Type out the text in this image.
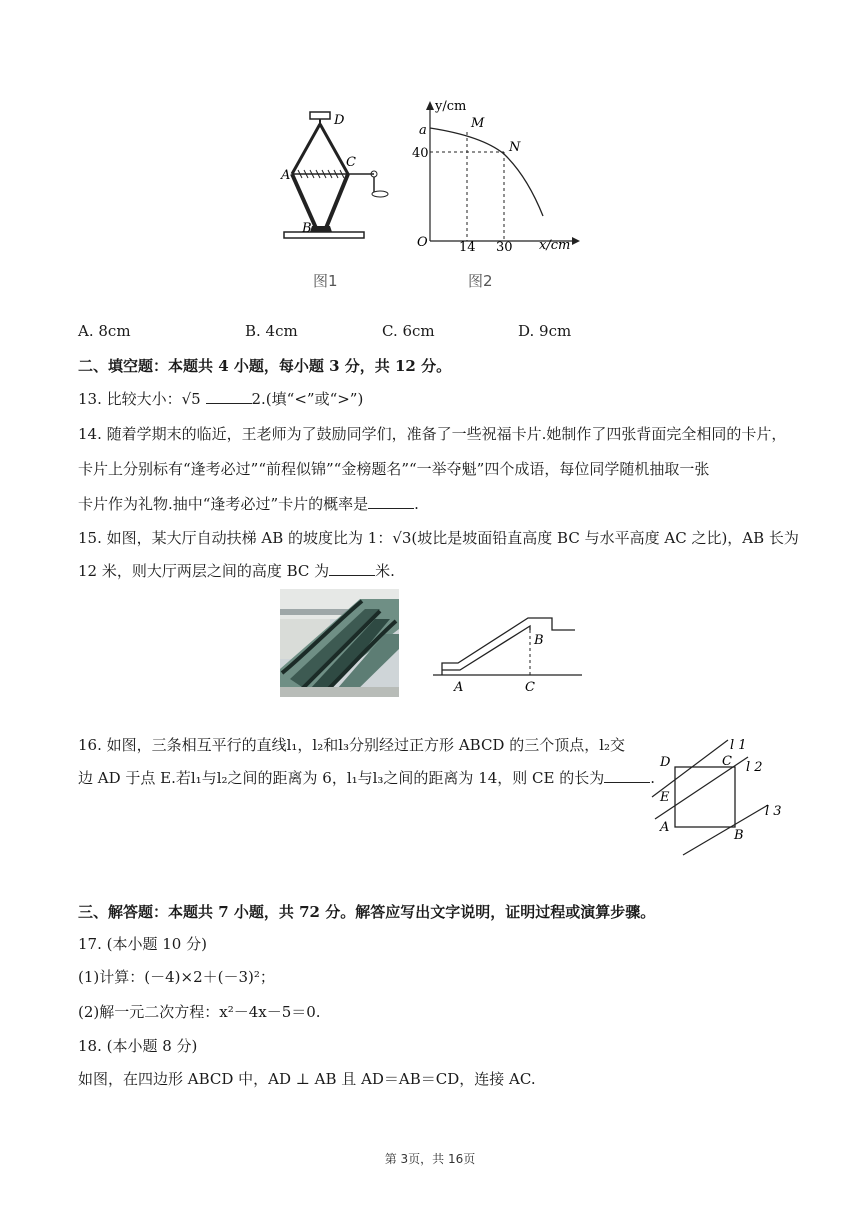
D
A
C
B
图1
y/cm
x/cm
a
40
M
N
O 14 30
图2
A. 8cm	B. 4cm	C. 6cm	D. 9cm
二、填空题：本题共 4 小题，每小题 3 分，共 12 分。
13. 比较大小：√5	2.(填“<”或“>”)
14. 随着学期末的临近，王老师为了鼓励同学们，准备了一些祝福卡片.她制作了四张背面完全相同的卡片，
卡片上分别标有“逢考必过”“前程似锦”“金榜题名”“一举夺魁”四个成语，每位同学随机抽取一张
卡片作为礼物.抽中“逢考必过”卡片的概率是	.
15. 如图，某大厅自动扶梯 AB 的坡度比为 1：√3(坡比是坡面铅直高度 BC 与水平高度 AC 之比)，AB 长为
12 米，则大厅两层之间的高度 BC 为	米.
B
A	C
16. 如图，三条相互平行的直线l₁，l₂和l₃分别经过正方形 ABCD 的三个顶点，l₂交
边 AD 于点 E.若l₁与l₂之间的距离为 6，l₁与l₃之间的距离为 14，则 CE 的长为	.
D	C
E
A
B
l 1
l 2
l 3
三、解答题：本题共 7 小题，共 72 分。解答应写出文字说明，证明过程或演算步骤。
17. (本小题 10 分)
(1)计算：(－4)×2＋(－3)²；
(2)解一元二次方程：x²－4x－5＝0.
18. (本小题 8 分)
如图，在四边形 ABCD 中，AD ⊥ AB 且 AD＝AB＝CD，连接 AC.
第 3页，共 16页
